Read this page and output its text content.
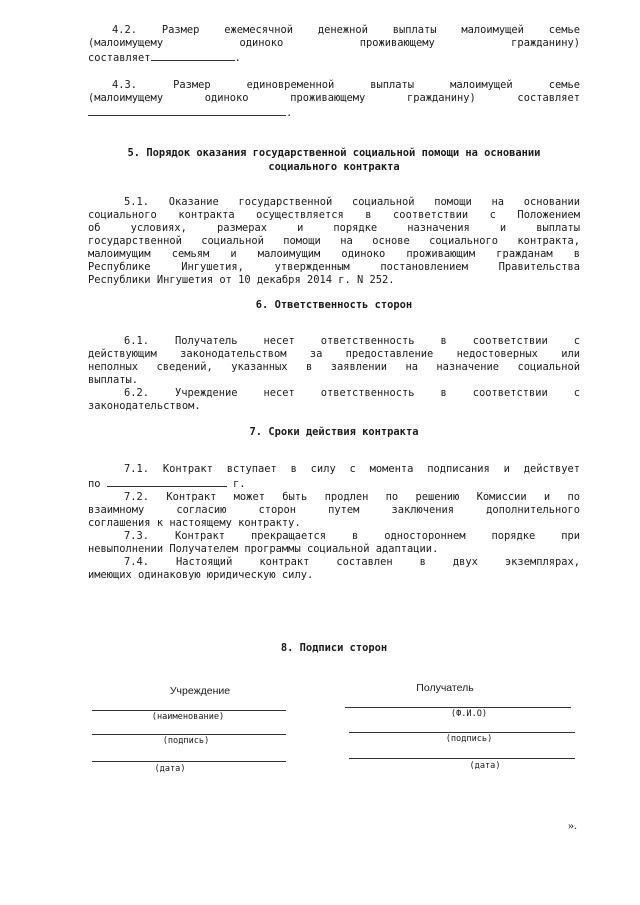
4.2. Размер ежемесячной денежной выплаты малоимущей семье

(малоимущему одиноко проживающему гражданину)

составляет	.

4.3. Размер единовременной выплаты малоимущей семье

(малоимущему одиноко проживающему гражданину) составляет

.

5. Порядок оказания государственной социальной помощи на основании

социального контракта

5.1. Оказание государственной социальной помощи на основании

социального контракта осуществляется в соответствии с Положением

об условиях, размерах и порядке назначения и выплаты

государственной социальной помощи на основе социального контракта,

малоимущим семьям и малоимущим одиноко проживающим гражданам в

Республике Ингушетия, утвержденным постановлением Правительства

Республики Ингушетия от 10 декабря 2014 г. N 252.

6. Ответственность сторон

6.1. Получатель несет ответственность в соответствии с

действующим законодательством за предоставление недостоверных или

неполных сведений, указанных в заявлении на назначение социальной

выплаты.

6.2. Учреждение несет ответственность в соответствии с

законодательством.

7. Сроки действия контракта

7.1. Контракт вступает в силу с момента подписания и действует

по	г.

7.2. Контракт может быть продлен по решению Комиссии и по

взаимному согласию сторон путем заключения дополнительного

соглашения к настоящему контракту.

7.3. Контракт прекращается в одностороннем порядке при

невыполнении Получателем программы социальной адаптации.

7.4. Настоящий контракт составлен в двух экземплярах,

имеющих одинаковую юридическую силу.

8. Подписи сторон
Учреждение
(наименование)
(подпись)
(дата)
Получатель
(Ф.И.О)
(подпись)
(дата)
».
